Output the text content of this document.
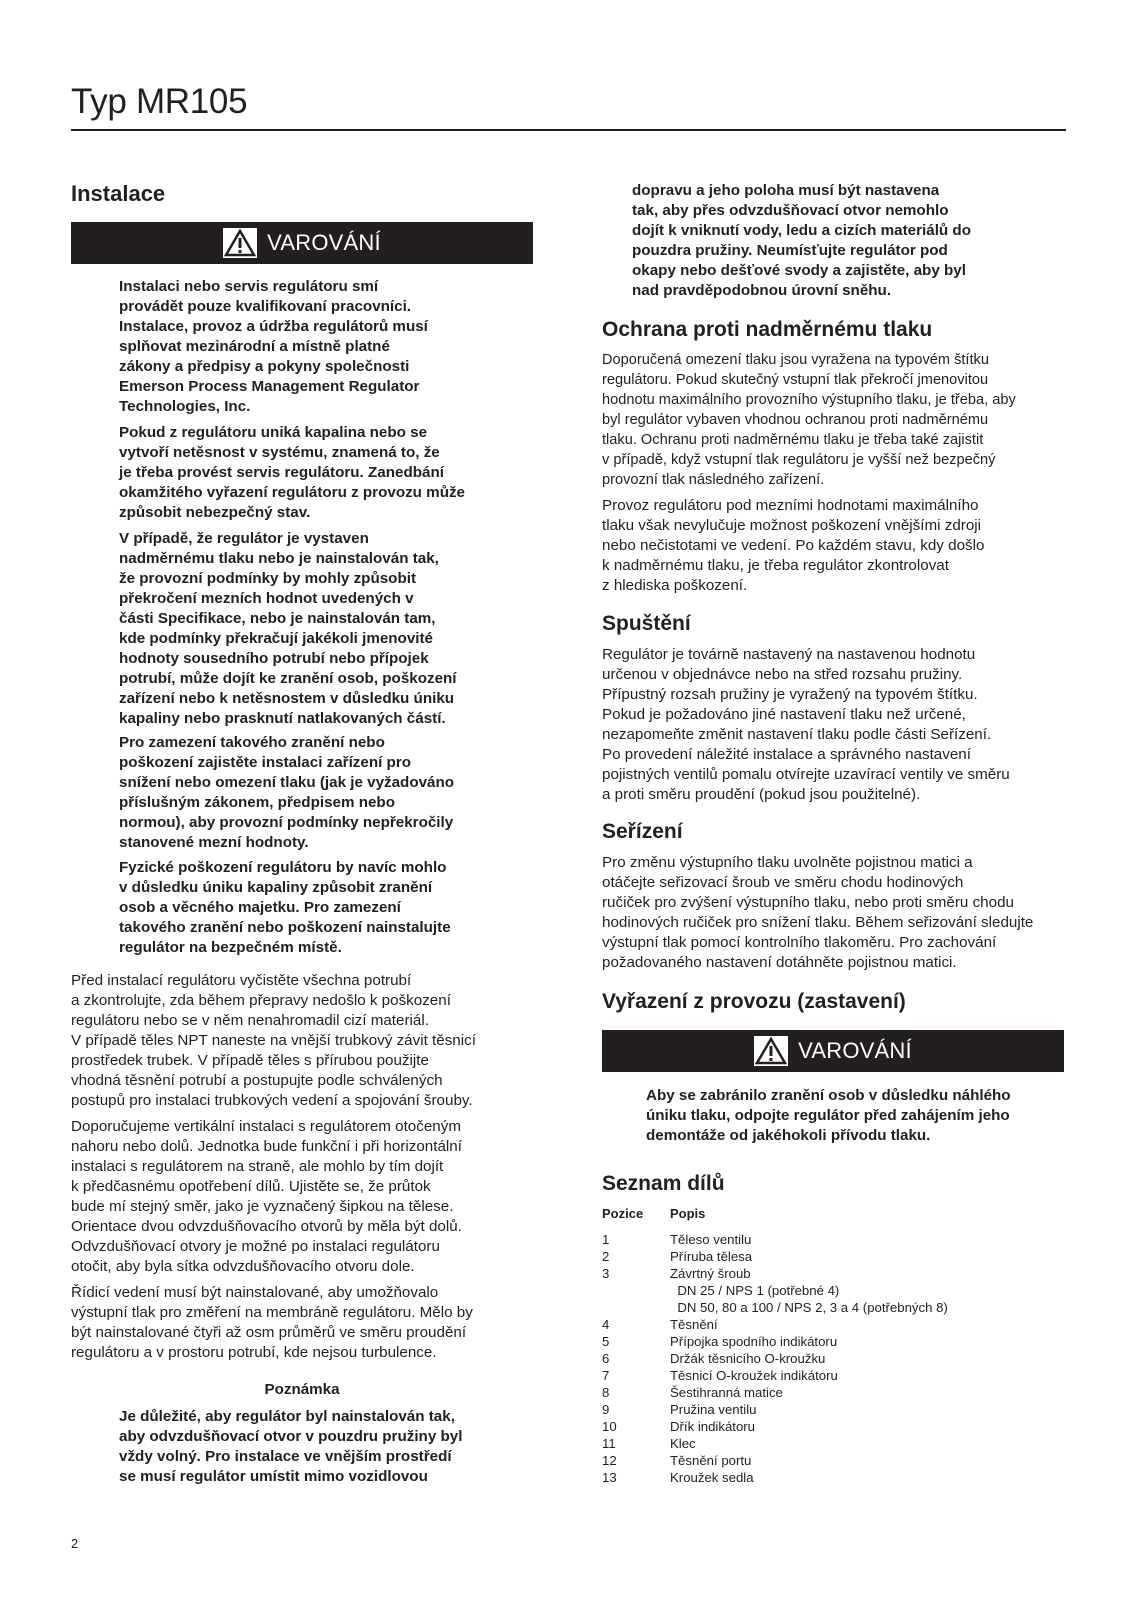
Typ MR105
Instalace
VAROVÁNÍ

Instalaci nebo servis regulátoru smí
provádět pouze kvalifikovaní pracovníci.
Instalace, provoz a údržba regulátorů musí
splňovat mezinárodní a místně platné
zákony a předpisy a pokyny společnosti
Emerson Process Management Regulator
Technologies, Inc.

Pokud z regulátoru uniká kapalina nebo se
vytvoří netěsnost v systému, znamená to, že
je třeba provést servis regulátoru. Zanedbání
okamžitého vyřazení regulátoru z provozu může
způsobit nebezpečný stav.

V případě, že regulátor je vystaven
nadměrnému tlaku nebo je nainstalován tak,
že provozní podmínky by mohly způsobit
překročení mezních hodnot uvedených v
části Specifikace, nebo je nainstalován tam,
kde podmínky překračují jakékoli jmenovité
hodnoty sousedního potrubí nebo přípojek
potrubí, může dojít ke zranění osob, poškození
zařízení nebo k netěsnostem v důsledku úniku
kapaliny nebo prasknutí natlakovaných částí.

Pro zamezení takového zranění nebo
poškození zajistěte instalaci zařízení pro
snížení nebo omezení tlaku (jak je vyžadováno
příslušným zákonem, předpisem nebo
normou), aby provozní podmínky nepřekročily
stanovené mezní hodnoty.

Fyzické poškození regulátoru by navíc mohlo
v důsledku úniku kapaliny způsobit zranění
osob a věcného majetku. Pro zamezení
takového zranění nebo poškození nainstalujte
regulátor na bezpečném místě.

Před instalací regulátoru vyčistěte všechna potrubí
a zkontrolujte, zda během přepravy nedošlo k poškození
regulátoru nebo se v něm nenahromadil cizí materiál.
V případě těles NPT naneste na vnější trubkový závit těsnicí
prostředek trubek. V případě těles s přírubou použijte
vhodná těsnění potrubí a postupujte podle schválených
postupů pro instalaci trubkových vedení a spojování šrouby.

Doporučujeme vertikální instalaci s regulátorem otočeným
nahoru nebo dolů. Jednotka bude funkční i při horizontální
instalaci s regulátorem na straně, ale mohlo by tím dojít
k předčasnému opotřebení dílů. Ujistěte se, že průtok
bude mí stejný směr, jako je vyznačený šipkou na tělese.
Orientace dvou odvzdušňovacího otvorů by měla být dolů.
Odvzdušňovací otvory je možné po instalaci regulátoru
otočit, aby byla sítka odvzdušňovacího otvoru dole.

Řídicí vedení musí být nainstalované, aby umožňovalo
výstupní tlak pro změření na membráně regulátoru. Mělo by
být nainstalované čtyři až osm průměrů ve směru proudění
regulátoru a v prostoru potrubí, kde nejsou turbulence.

Poznámka

Je důležité, aby regulátor byl nainstalován tak,
aby odvzdušňovací otvor v pouzdru pružiny byl
vždy volný. Pro instalace ve vnějším prostředí
se musí regulátor umístit mimo vozidlovou

dopravu a jeho poloha musí být nastavena
tak, aby přes odvzdušňovací otvor nemohlo
dojít k vniknutí vody, ledu a cizích materiálů do
pouzdra pružiny. Neumísťujte regulátor pod
okapy nebo dešťové svody a zajistěte, aby byl
nad pravděpodobnou úrovní sněhu.

Ochrana proti nadměrnému tlaku

Doporučená omezení tlaku jsou vyražena na typovém štítku
regulátoru. Pokud skutečný vstupní tlak překročí jmenovitou
hodnotu maximálního provozního výstupního tlaku, je třeba, aby
byl regulátor vybaven vhodnou ochranou proti nadměrnému
tlaku. Ochranu proti nadměrnému tlaku je třeba také zajistit
v případě, když vstupní tlak regulátoru je vyšší než bezpečný
provozní tlak následného zařízení.

Provoz regulátoru pod mezními hodnotami maximálního
tlaku však nevylučuje možnost poškození vnějšími zdroji
nebo nečistotami ve vedení. Po každém stavu, kdy došlo
k nadměrnému tlaku, je třeba regulátor zkontrolovat
z hlediska poškození.

Spuštění

Regulátor je továrně nastavený na nastavenou hodnotu
určenou v objednávce nebo na střed rozsahu pružiny.
Přípustný rozsah pružiny je vyražený na typovém štítku.
Pokud je požadováno jiné nastavení tlaku než určené,
nezapomeňte změnit nastavení tlaku podle části Seřízení.
Po provedení náležité instalace a správného nastavení
pojistných ventilů pomalu otvírejte uzavírací ventily ve směru
a proti směru proudění (pokud jsou použitelné).

Seřízení

Pro změnu výstupního tlaku uvolněte pojistnou matici a
otáčejte seřizovací šroub ve směru chodu hodinových
ručiček pro zvýšení výstupního tlaku, nebo proti směru chodu
hodinových ručiček pro snížení tlaku. Během seřizování sledujte
výstupní tlak pomocí kontrolního tlakoměru. Pro zachování
požadovaného nastavení dotáhněte pojistnou matici.

Vyřazení z provozu (zastavení)
VAROVÁNÍ

Aby se zabránilo zranění osob v důsledku náhlého
úniku tlaku, odpojte regulátor před zahájením jeho
demontáže od jakéhokoli přívodu tlaku.

Seznam dílů
Pozice Popis
1	Těleso ventilu
2	Příruba tělesa
3	Závrtný šroub
DN 25 / NPS 1 (potřebné 4)
DN 50, 80 a 100 / NPS 2, 3 a 4 (potřebných 8)
4	Těsnění
5	Přípojka spodního indikátoru
6	Držák těsnicího O-kroužku
7	Těsnicí O-kroužek indikátoru
8	Šestihranná matice
9	Pružina ventilu
10	Dřík indikátoru
11	Klec
12	Těsnění portu
13	Kroužek sedla
2
